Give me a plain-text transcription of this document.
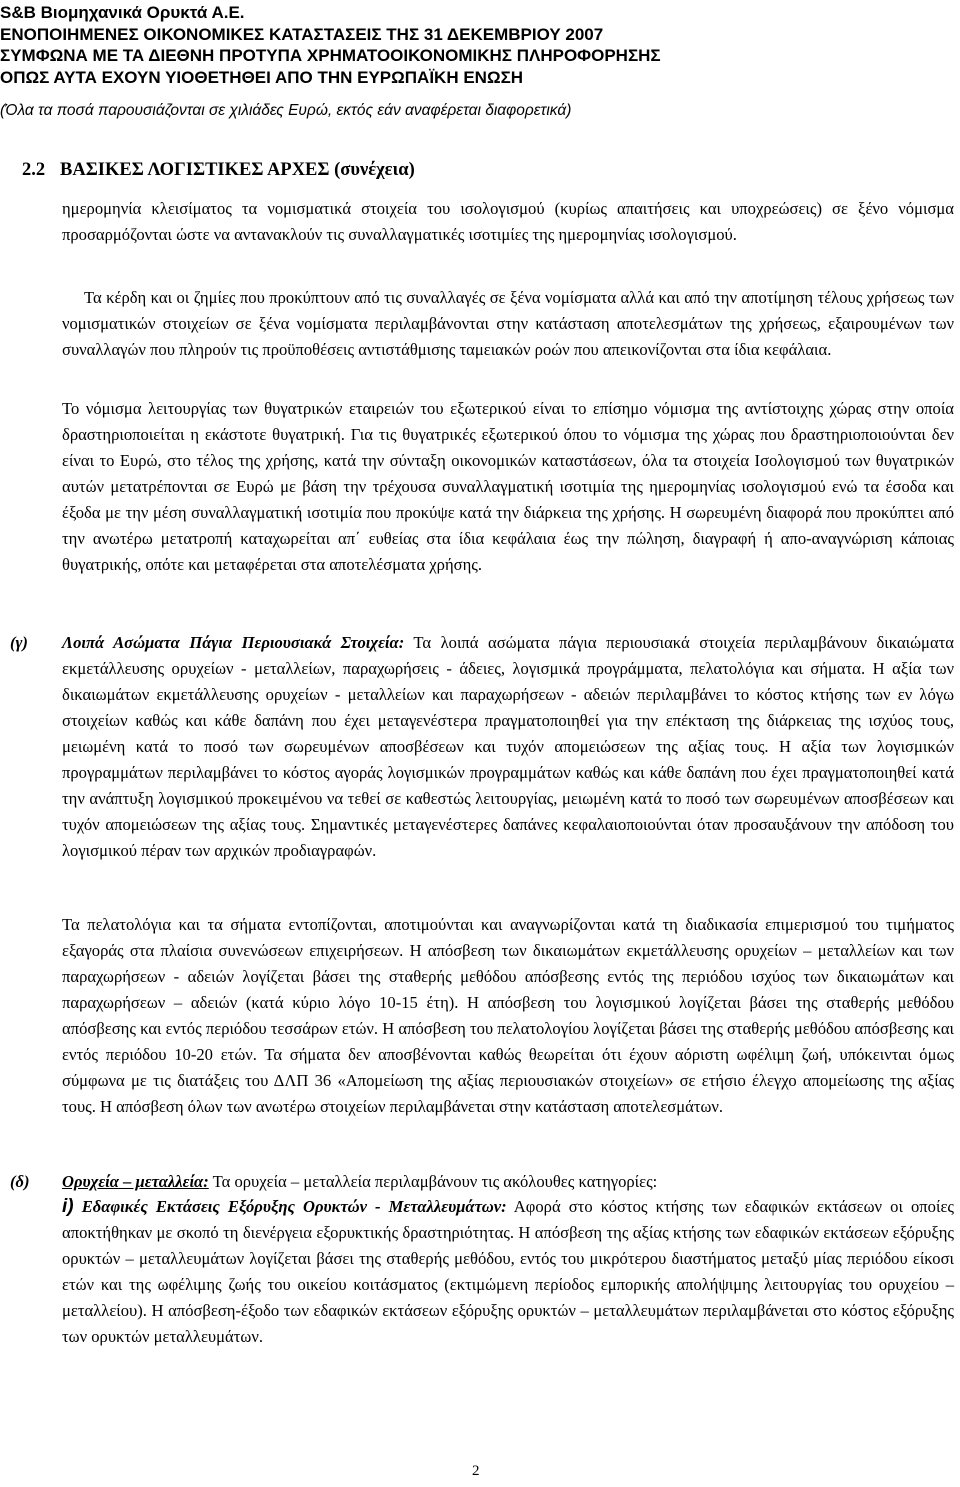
S&B Βιομηχανικά Ορυκτά Α.Ε.
ΕΝΟΠΟΙΗΜΕΝΕΣ ΟΙΚΟΝΟΜΙΚΕΣ ΚΑΤΑΣΤΑΣΕΙΣ ΤΗΣ 31 ΔΕΚΕΜΒΡΙΟΥ 2007
ΣΥΜΦΩΝΑ ΜΕ ΤΑ ΔΙΕΘΝΗ ΠΡΟΤΥΠΑ ΧΡΗΜΑΤΟΟΙΚΟΝΟΜΙΚΗΣ ΠΛΗΡΟΦΟΡΗΣΗΣ
ΟΠΩΣ ΑΥΤΑ ΕΧΟΥΝ ΥΙΟΘΕΤΗΘΕΙ ΑΠΟ ΤΗΝ ΕΥΡΩΠΑΪΚΗ ΕΝΩΣΗ
(Όλα τα ποσά παρουσιάζονται σε χιλιάδες Ευρώ, εκτός εάν αναφέρεται διαφορετικά)
2.2 ΒΑΣΙΚΕΣ ΛΟΓΙΣΤΙΚΕΣ ΑΡΧΕΣ (συνέχεια)
ημερομηνία κλεισίματος τα νομισματικά στοιχεία του ισολογισμού (κυρίως απαιτήσεις και υποχρεώσεις) σε ξένο νόμισμα προσαρμόζονται ώστε να αντανακλούν τις συναλλαγματικές ισοτιμίες της ημερομηνίας ισολογισμού.
Τα κέρδη και οι ζημίες που προκύπτουν από τις συναλλαγές σε ξένα νομίσματα αλλά και από την αποτίμηση τέλους χρήσεως των νομισματικών στοιχείων σε ξένα νομίσματα περιλαμβάνονται στην κατάσταση αποτελεσμάτων της χρήσεως, εξαιρουμένων των συναλλαγών που πληρούν τις προϋποθέσεις αντιστάθμισης ταμειακών ροών που απεικονίζονται στα ίδια κεφάλαια.
Το νόμισμα λειτουργίας των θυγατρικών εταιρειών του εξωτερικού είναι το επίσημο νόμισμα της αντίστοιχης χώρας στην οποία δραστηριοποιείται η εκάστοτε θυγατρική. Για τις θυγατρικές εξωτερικού όπου το νόμισμα της χώρας που δραστηριοποιούνται δεν είναι το Ευρώ, στο τέλος της χρήσης, κατά την σύνταξη οικονομικών καταστάσεων, όλα τα στοιχεία Ισολογισμού των θυγατρικών αυτών μετατρέπονται σε Ευρώ με βάση την τρέχουσα συναλλαγματική ισοτιμία της ημερομηνίας ισολογισμού ενώ τα έσοδα και έξοδα με την μέση συναλλαγματική ισοτιμία που προκύψε κατά την διάρκεια της χρήσης. Η σωρευμένη διαφορά που προκύπτει από την ανωτέρω μετατροπή καταχωρείται απ΄ ευθείας στα ίδια κεφάλαια έως την πώληση, διαγραφή ή απο-αναγνώριση κάποιας θυγατρικής, οπότε και μεταφέρεται στα αποτελέσματα χρήσης.
(γ) Λοιπά Ασώματα Πάγια Περιουσιακά Στοιχεία: Τα λοιπά ασώματα πάγια περιουσιακά στοιχεία περιλαμβάνουν δικαιώματα εκμετάλλευσης ορυχείων - μεταλλείων, παραχωρήσεις - άδειες, λογισμικά προγράμματα, πελατολόγια και σήματα. Η αξία των δικαιωμάτων εκμετάλλευσης ορυχείων - μεταλλείων και παραχωρήσεων - αδειών περιλαμβάνει το κόστος κτήσης των εν λόγω στοιχείων καθώς και κάθε δαπάνη που έχει μεταγενέστερα πραγματοποιηθεί για την επέκταση της διάρκειας της ισχύος τους, μειωμένη κατά το ποσό των σωρευμένων αποσβέσεων και τυχόν απομειώσεων της αξίας τους. Η αξία των λογισμικών προγραμμάτων περιλαμβάνει το κόστος αγοράς λογισμικών προγραμμάτων καθώς και κάθε δαπάνη που έχει πραγματοποιηθεί κατά την ανάπτυξη λογισμικού προκειμένου να τεθεί σε καθεστώς λειτουργίας, μειωμένη κατά το ποσό των σωρευμένων αποσβέσεων και τυχόν απομειώσεων της αξίας τους. Σημαντικές μεταγενέστερες δαπάνες κεφαλαιοποιούνται όταν προσαυξάνουν την απόδοση του λογισμικού πέραν των αρχικών προδιαγραφών.
Τα πελατολόγια και τα σήματα εντοπίζονται, αποτιμούνται και αναγνωρίζονται κατά τη διαδικασία επιμερισμού του τιμήματος εξαγοράς στα πλαίσια συνενώσεων επιχειρήσεων. Η απόσβεση των δικαιωμάτων εκμετάλλευσης ορυχείων – μεταλλείων και των παραχωρήσεων - αδειών λογίζεται βάσει της σταθερής μεθόδου απόσβεσης εντός της περιόδου ισχύος των δικαιωμάτων και παραχωρήσεων – αδειών (κατά κύριο λόγο 10-15 έτη). Η απόσβεση του λογισμικού λογίζεται βάσει της σταθερής μεθόδου απόσβεσης και εντός περιόδου τεσσάρων ετών. Η απόσβεση του πελατολογίου λογίζεται βάσει της σταθερής μεθόδου απόσβεσης και εντός περιόδου 10-20 ετών. Τα σήματα δεν αποσβένονται καθώς θεωρείται ότι έχουν αόριστη ωφέλιμη ζωή, υπόκεινται όμως σύμφωνα με τις διατάξεις του ΔΛΠ 36 «Απομείωση της αξίας περιουσιακών στοιχείων» σε ετήσιο έλεγχο απομείωσης της αξίας τους. Η απόσβεση όλων των ανωτέρω στοιχείων περιλαμβάνεται στην κατάσταση αποτελεσμάτων.
(δ) Ορυχεία – μεταλλεία: Τα ορυχεία – μεταλλεία περιλαμβάνουν τις ακόλουθες κατηγορίες:
i) Εδαφικές Εκτάσεις Εξόρυξης Ορυκτών - Μεταλλευμάτων: Αφορά στο κόστος κτήσης των εδαφικών εκτάσεων οι οποίες αποκτήθηκαν με σκοπό τη διενέργεια εξορυκτικής δραστηριότητας. Η απόσβεση της αξίας κτήσης των εδαφικών εκτάσεων εξόρυξης ορυκτών – μεταλλευμάτων λογίζεται βάσει της σταθερής μεθόδου, εντός του μικρότερου διαστήματος μεταξύ μίας περιόδου είκοσι ετών και της ωφέλιμης ζωής του οικείου κοιτάσματος (εκτιμώμενη περίοδος εμπορικής απολήψιμης λειτουργίας του ορυχείου – μεταλλείου). Η απόσβεση-έξοδο των εδαφικών εκτάσεων εξόρυξης ορυκτών – μεταλλευμάτων περιλαμβάνεται στο κόστος εξόρυξης των ορυκτών μεταλλευμάτων.
2
